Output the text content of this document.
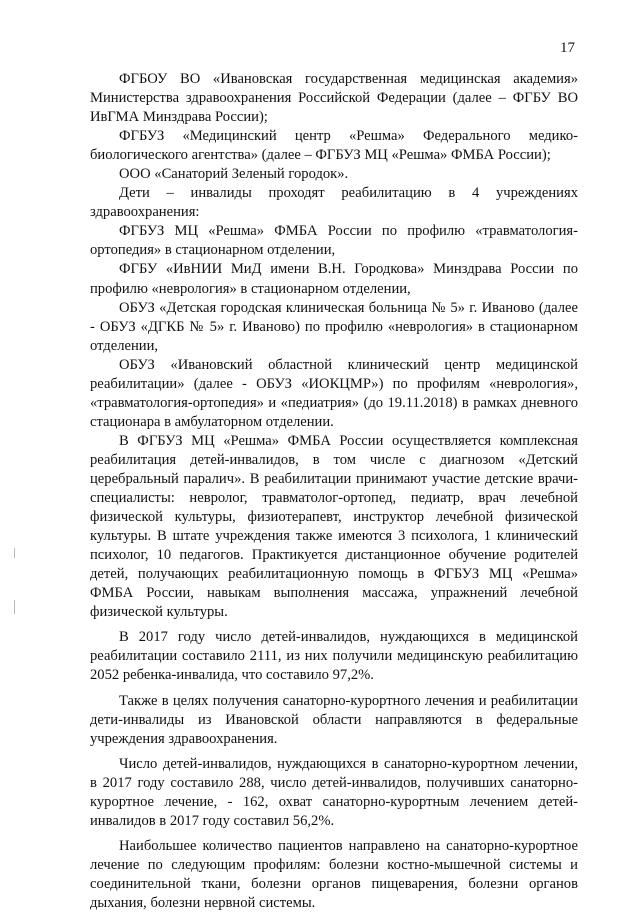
17

ФГБОУ ВО «Ивановская государственная медицинская академия» Министерства здравоохранения Российской Федерации (далее – ФГБУ ВО ИвГМА Минздрава России);

ФГБУЗ «Медицинский центр «Решма» Федерального медико-биологического агентства» (далее – ФГБУЗ МЦ «Решма» ФМБА России);

ООО «Санаторий Зеленый городок».

Дети – инвалиды проходят реабилитацию в 4 учреждениях здравоохранения:

ФГБУЗ МЦ «Решма» ФМБА России по профилю «травматология-ортопедия» в стационарном отделении,

ФГБУ «ИвНИИ МиД имени В.Н. Городкова» Минздрава России по профилю «неврология» в стационарном отделении,

ОБУЗ «Детская городская клиническая больница № 5» г. Иваново (далее - ОБУЗ «ДГКБ № 5» г. Иваново) по профилю «неврология» в стационарном отделении,

ОБУЗ «Ивановский областной клинический центр медицинской реабилитации» (далее - ОБУЗ «ИОКЦМР») по профилям «неврология», «травматология-ортопедия» и «педиатрия» (до 19.11.2018) в рамках дневного стационара в амбулаторном отделении.

В ФГБУЗ МЦ «Решма» ФМБА России осуществляется комплексная реабилитация детей-инвалидов, в том числе с диагнозом «Детский церебральный паралич». В реабилитации принимают участие детские врачи-специалисты: невролог, травматолог-ортопед, педиатр, врач лечебной физической культуры, физиотерапевт, инструктор лечебной физической культуры. В штате учреждения также имеются 3 психолога, 1 клинический психолог, 10 педагогов. Практикуется дистанционное обучение родителей детей, получающих реабилитационную помощь в ФГБУЗ МЦ «Решма» ФМБА России, навыкам выполнения массажа, упражнений лечебной физической культуры.

В 2017 году число детей-инвалидов, нуждающихся в медицинской реабилитации составило 2111, из них получили медицинскую реабилитацию 2052 ребенка-инвалида, что составило 97,2%.

Также в целях получения санаторно-курортного лечения и реабилитации дети-инвалиды из Ивановской области направляются в федеральные учреждения здравоохранения.

Число детей-инвалидов, нуждающихся в санаторно-курортном лечении, в 2017 году составило 288, число детей-инвалидов, получивших санаторно-курортное лечение, - 162, охват санаторно-курортным лечением детей-инвалидов в 2017 году составил 56,2%.

Наибольшее количество пациентов направлено на санаторно-курортное лечение по следующим профилям: болезни костно-мышечной системы и соединительной ткани, болезни органов пищеварения, болезни органов дыхания, болезни нервной системы.
